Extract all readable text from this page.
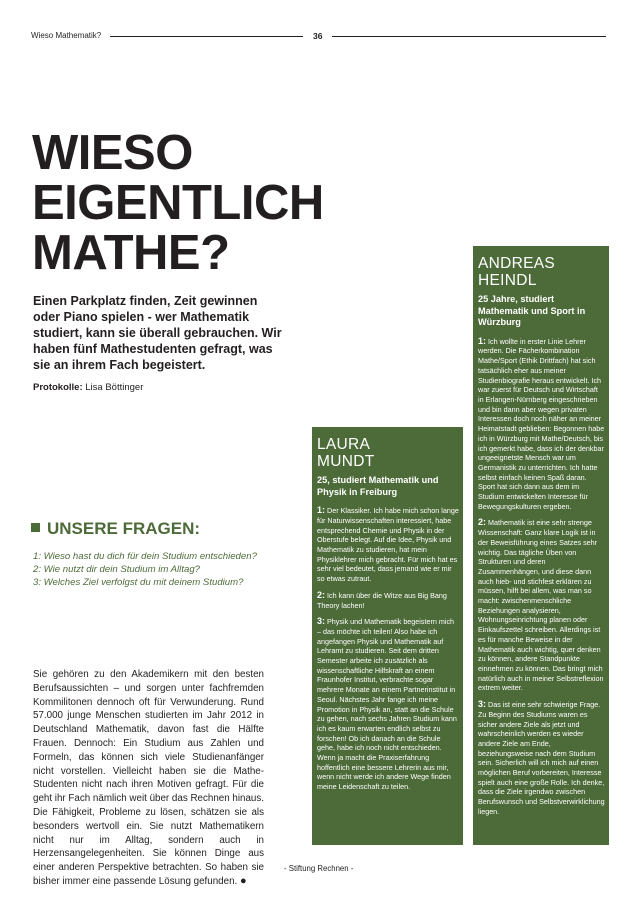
Wieso Mathematik?	36
WIESO
EIGENTLICH
MATHE?
Einen Parkplatz finden, Zeit gewinnen oder Piano spielen - wer Mathematik studiert, kann sie überall gebrauchen. Wir haben fünf Mathestudenten gefragt, was sie an ihrem Fach begeistert.
Protokolle: Lisa Böttinger
UNSERE FRAGEN:
1: Wieso hast du dich für dein Studium entschieden?
2: Wie nutzt dir dein Studium im Alltag?
3: Welches Ziel verfolgst du mit deinem Studium?
Sie gehören zu den Akademikern mit den besten Berufsaussichten – und sorgen unter fachfremden Kommilitonen dennoch oft für Verwunderung. Rund 57.000 junge Menschen studierten im Jahr 2012 in Deutschland Mathematik, davon fast die Hälfte Frauen. Dennoch: Ein Studium aus Zahlen und Formeln, das können sich viele Studienanfänger nicht vorstellen. Vielleicht haben sie die Mathe-Studenten nicht nach ihren Motiven gefragt. Für die geht ihr Fach nämlich weit über das Rechnen hinaus. Die Fähigkeit, Probleme zu lösen, schätzen sie als besonders wertvoll ein. Sie nutzt Mathematikern nicht nur im Alltag, sondern auch in Herzensangelegenheiten. Sie können Dinge aus einer anderen Perspektive betrachten. So haben sie bisher immer eine passende Lösung gefunden. ●
LAURA
MUNDT
25, studiert Mathematik und Physik in Freiburg

1: Der Klassiker. Ich habe mich schon lange für Naturwissenschaften interessiert, habe entsprechend Chemie und Physik in der Oberstufe belegt. Auf die Idee, Physik und Mathematik zu studieren, hat mein Physiklehrer mich gebracht. Für mich hat es sehr viel bedeutet, dass jemand wie er mir so etwas zutraut.

2: Ich kann über die Witze aus Big Bang Theory lachen!

3: Physik und Mathematik begeistern mich – das möchte ich teilen! Also habe ich angefangen Physik und Mathematik auf Lehramt zu studieren. Seit dem dritten Semester arbeite ich zusätzlich als wissenschaftliche Hilfskraft an einem Fraunhofer Institut, verbrachte sogar mehrere Monate an einem Partnerinstitut in Seoul. Nächstes Jahr fange ich meine Promotion in Physik an, statt an die Schule zu gehen, nach sechs Jahren Studium kann ich es kaum erwarten endlich selbst zu forschen! Ob ich danach an die Schule gehe, habe ich noch nicht entschieden. Wenn ja macht die Praxiserfahrung hoffentlich eine bessere Lehrerin aus mir, wenn nicht werde ich andere Wege finden meine Leidenschaft zu teilen.

ANDREAS
HEINDL
25 Jahre, studiert Mathematik und Sport in Würzburg

1: Ich wollte in erster Linie Lehrer werden. Die Fächerkombination Mathe/Sport (Ethik Drittfach) hat sich tatsächlich eher aus meiner Studienbiografie heraus entwickelt. Ich war zuerst für Deutsch und Wirtschaft in Erlangen-Nürnberg eingeschrieben und bin dann aber wegen privaten Interessen doch noch näher an meiner Heimatstadt geblieben: Begonnen habe ich in Würzburg mit Mathe/Deutsch, bis ich gemerkt habe, dass ich der denkbar ungeeignetste Mensch war um Germanistik zu unterrichten. Ich hatte selbst einfach keinen Spaß daran. Sport hat sich dann aus dem im Studium entwickelten Interesse für Bewegungskulturen ergeben.

2: Mathematik ist eine sehr strenge Wissenschaft: Ganz klare Logik ist in der Beweisführung eines Satzes sehr wichtig. Das tägliche Üben von Strukturen und deren Zusammenhängen, und diese dann auch hieb- und stichfest erklären zu müssen, hilft bei allem, was man so macht: zwischenmenschliche Beziehungen analysieren, Wohnungseinrichtung planen oder Einkaufszettel schreiben. Allerdings ist es für manche Beweise in der Mathematik auch wichtig, quer denken zu können, andere Standpunkte einnehmen zu können. Das bringt mich natürlich auch in meiner Selbstreflexion extrem weiter.

3: Das ist eine sehr schwierige Frage. Zu Beginn des Studiums waren es sicher andere Ziele als jetzt und wahrscheinlich werden es wieder andere Ziele am Ende, beziehungsweise nach dem Studium sein. Sicherlich will ich mich auf einen möglichen Beruf vorbereiten, Interesse spielt auch eine große Rolle. Ich denke, dass die Ziele irgendwo zwischen Berufswunsch und Selbstverwirklichung liegen.

- Stiftung Rechnen -
